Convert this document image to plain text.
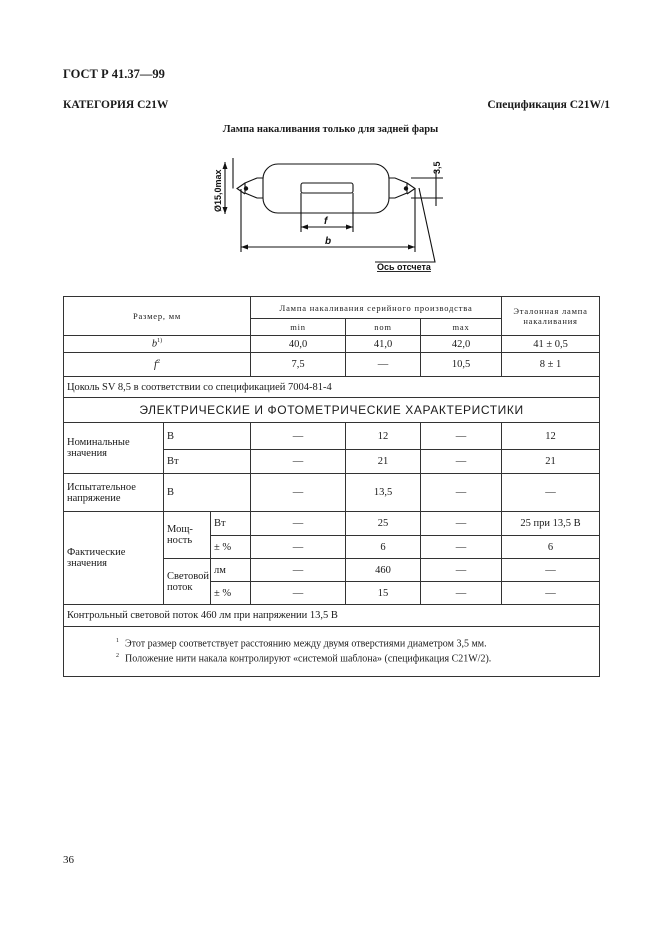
ГОСТ Р 41.37—99
КАТЕГОРИЯ C21W	Спецификация C21W/1
Лампа накаливания только для задней фары
Ø15,0max
3,5
f
b
Ось отсчета
Размер, мм			Лампа накаливания серийного производства			Эталонная лампа накаливания
			min	nom	max	
$b^{1)}$			40,0	41,0	42,0	41 ± 0,5
$f^2$			7,5	—	10,5	8 ± 1
Цоколь SV 8,5 в соответствии со спецификацией 7004-81-4						
ЭЛЕКТРИЧЕСКИЕ И ФОТОМЕТРИЧЕСКИЕ ХАРАКТЕРИСТИКИ						
Номинальные значения	В		—	12	—	12
	Вт		—	21	—	21
Испытательное напряжение	В		—	13,5	—	—
Фактические значения	Мощ-ность	Вт	—	25	—	25 при 13,5 В
		± %	—	6	—	6
	Световой поток	лм	—	460	—	—
		± %	—	15	—	—
Контрольный световой поток 460 лм при напряжении 13,5 В						

$^1$ Этот размер соответствует расстоянию между двумя отверстиями диаметром 3,5 мм.
$^2$ Положение нити накала контролируют «системой шаблона» (спецификация C21W/2).						
36
